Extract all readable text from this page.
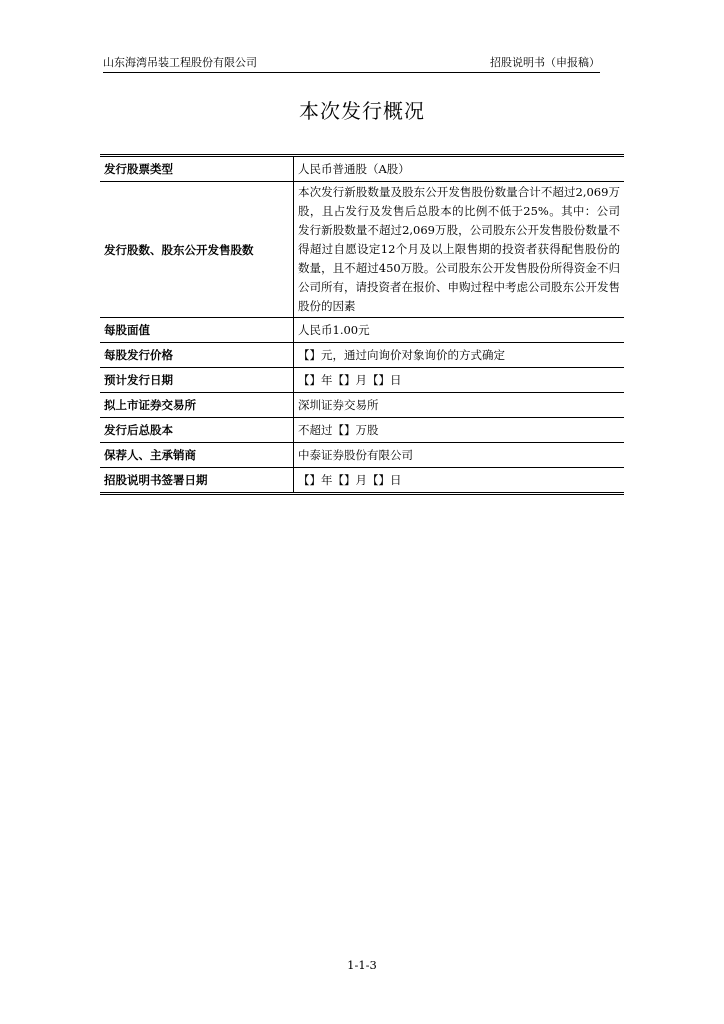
山东海湾吊装工程股份有限公司	招股说明书（申报稿）
本次发行概况
发行股票类型	人民币普通股（A股）
发行股数、股东公开发售股数	本次发行新股数量及股东公开发售股份数量合计不超过2,069万股，且占发行及发售后总股本的比例不低于25%。其中：公司发行新股数量不超过2,069万股，公司股东公开发售股份数量不得超过自愿设定12个月及以上限售期的投资者获得配售股份的数量，且不超过450万股。公司股东公开发售股份所得资金不归公司所有，请投资者在报价、申购过程中考虑公司股东公开发售股份的因素
每股面值	人民币1.00元
每股发行价格	【】元，通过向询价对象询价的方式确定
预计发行日期	【】年【】月【】日
拟上市证券交易所	深圳证券交易所
发行后总股本	不超过【】万股
保荐人、主承销商	中泰证券股份有限公司
招股说明书签署日期	【】年【】月【】日
1-1-3
